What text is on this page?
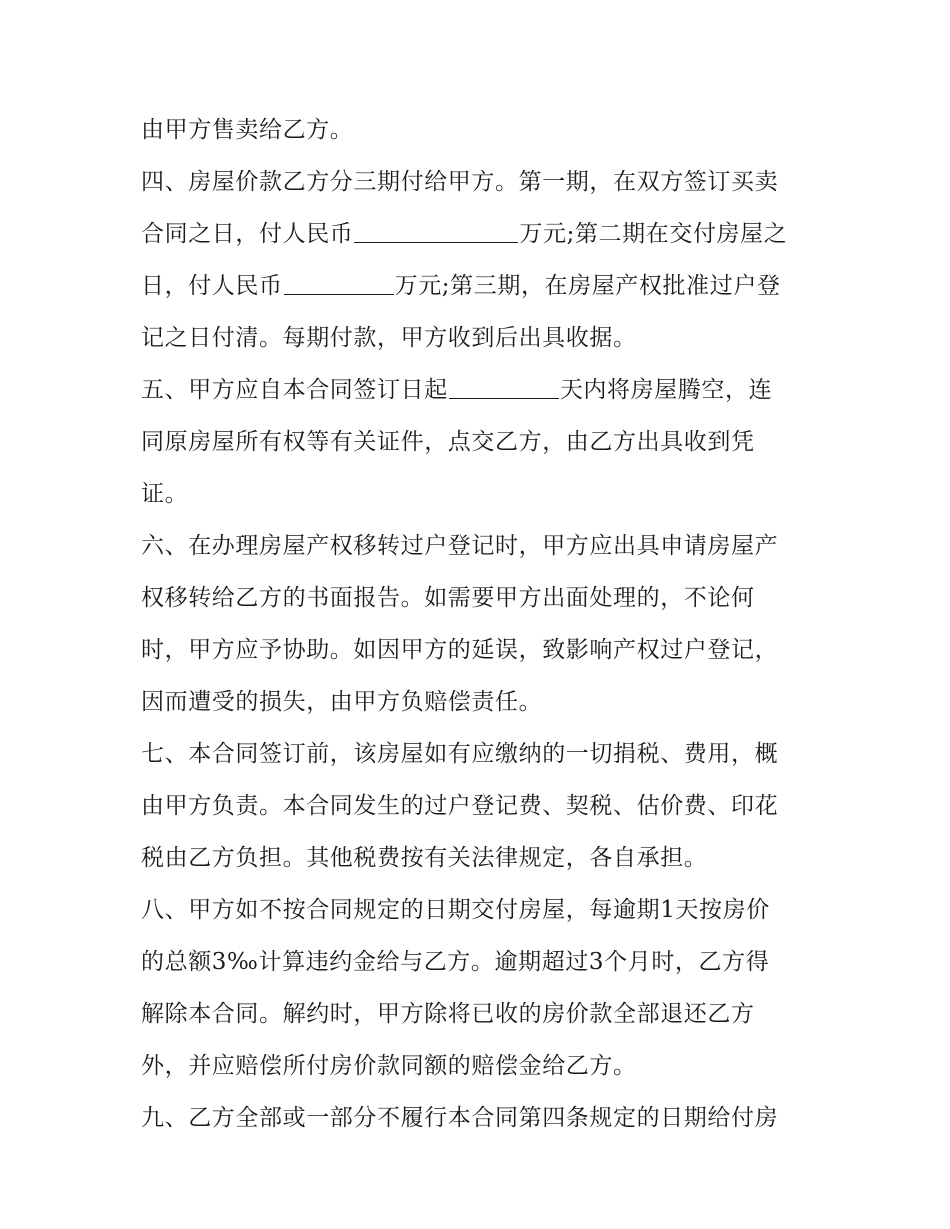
由甲方售卖给乙方。
四、房屋价款乙方分三期付给甲方。第一期，在双方签订买卖
合同之日，付人民币	万元;第二期在交付房屋之
日，付人民币	万元;第三期，在房屋产权批准过户登
记之日付清。每期付款，甲方收到后出具收据。
五、甲方应自本合同签订日起	天内将房屋腾空，连
同原房屋所有权等有关证件，点交乙方，由乙方出具收到凭
证。
六、在办理房屋产权移转过户登记时，甲方应出具申请房屋产
权移转给乙方的书面报告。如需要甲方出面处理的，不论何
时，甲方应予协助。如因甲方的延误，致影响产权过户登记，
因而遭受的损失，由甲方负赔偿责任。
七、本合同签订前，该房屋如有应缴纳的一切捐税、费用，概
由甲方负责。本合同发生的过户登记费、契税、估价费、印花
税由乙方负担。其他税费按有关法律规定，各自承担。
八、甲方如不按合同规定的日期交付房屋，每逾期1天按房价
的总额3‰计算违约金给与乙方。逾期超过3个月时，乙方得
解除本合同。解约时，甲方除将已收的房价款全部退还乙方
外，并应赔偿所付房价款同额的赔偿金给乙方。
九、乙方全部或一部分不履行本合同第四条规定的日期给付房
